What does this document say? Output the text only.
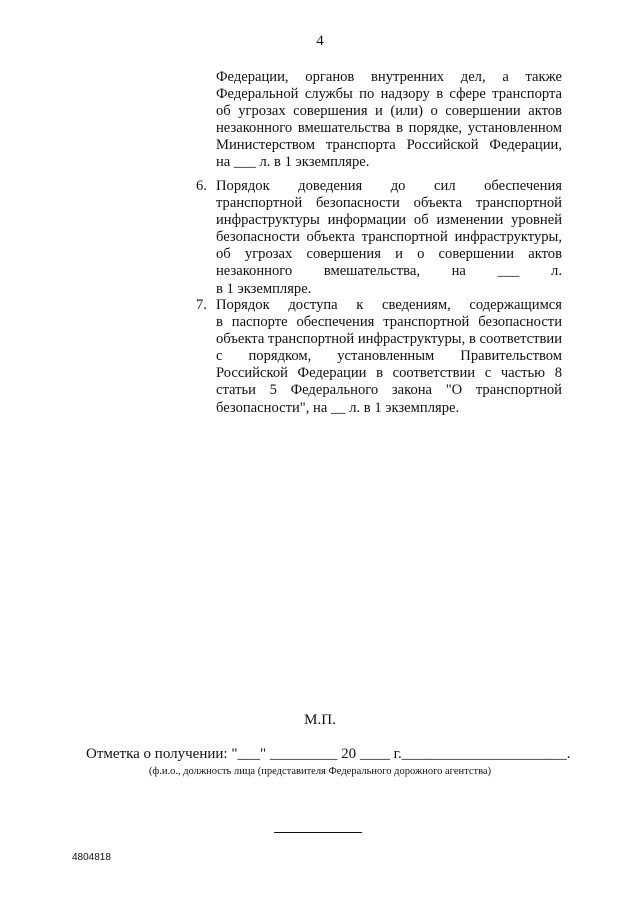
4
Федерации, органов внутренних дел, а также
Федеральной службы по надзору в сфере транспорта
об угрозах совершения и (или) о совершении актов
незаконного вмешательства в порядке, установленном
Министерством транспорта Российской Федерации,
на ___ л. в 1 экземпляре.
6. Порядок доведения до сил обеспечения
транспортной безопасности объекта транспортной
инфраструктуры информации об изменении уровней
безопасности объекта транспортной инфраструктуры,
об угрозах совершения и о совершении актов
незаконного вмешательства, на ___ л.
в 1 экземпляре.
7. Порядок доступа к сведениям, содержащимся
в паспорте обеспечения транспортной безопасности
объекта транспортной инфраструктуры, в соответствии
с порядком, установленным Правительством
Российской Федерации в соответствии с частью 8
статьи 5 Федерального закона "О транспортной
безопасности", на __ л. в 1 экземпляре.
М.П.
Отметка о получении: "___" _________ 20 ____ г.______________________.
(ф.и.о., должность лица (представителя Федерального дорожного агентства)
4804818
